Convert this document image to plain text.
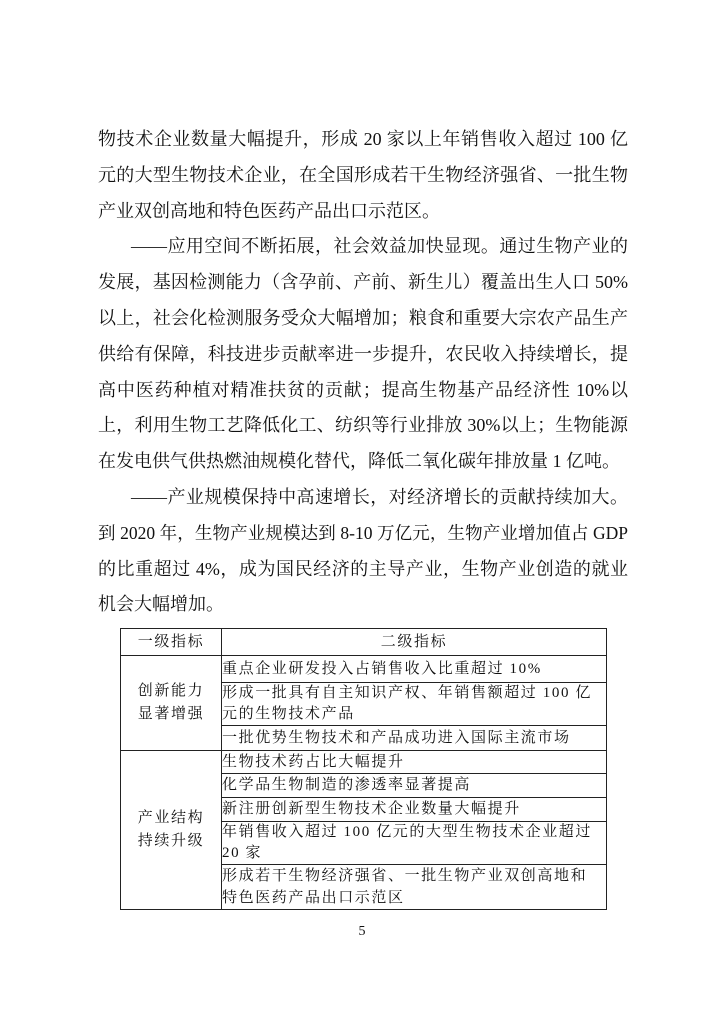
物技术企业数量大幅提升，形成 20 家以上年销售收入超过 100 亿
元的大型生物技术企业，在全国形成若干生物经济强省、一批生物
产业双创高地和特色医药产品出口示范区。
——应用空间不断拓展，社会效益加快显现。通过生物产业的
发展，基因检测能力（含孕前、产前、新生儿）覆盖出生人口 50%
以上，社会化检测服务受众大幅增加；粮食和重要大宗农产品生产
供给有保障，科技进步贡献率进一步提升，农民收入持续增长，提
高中医药种植对精准扶贫的贡献；提高生物基产品经济性 10%以
上，利用生物工艺降低化工、纺织等行业排放 30%以上；生物能源
在发电供气供热燃油规模化替代，降低二氧化碳年排放量 1 亿吨。
——产业规模保持中高速增长，对经济增长的贡献持续加大。
到 2020 年，生物产业规模达到 8-10 万亿元，生物产业增加值占 GDP
的比重超过 4%，成为国民经济的主导产业，生物产业创造的就业
机会大幅增加。
一级指标	二级指标

创新能力
显著增强	重点企业研发投入占销售收入比重超过 10%

	形成一批具有自主知识产权、年销售额超过 100 亿
元的生物技术产品

	一批优势生物技术和产品成功进入国际主流市场

产业结构
持续升级	生物技术药占比大幅提升

	化学品生物制造的渗透率显著提高

	新注册创新型生物技术企业数量大幅提升

	年销售收入超过 100 亿元的大型生物技术企业超过
20 家

	形成若干生物经济强省、一批生物产业双创高地和
特色医药产品出口示范区
5
